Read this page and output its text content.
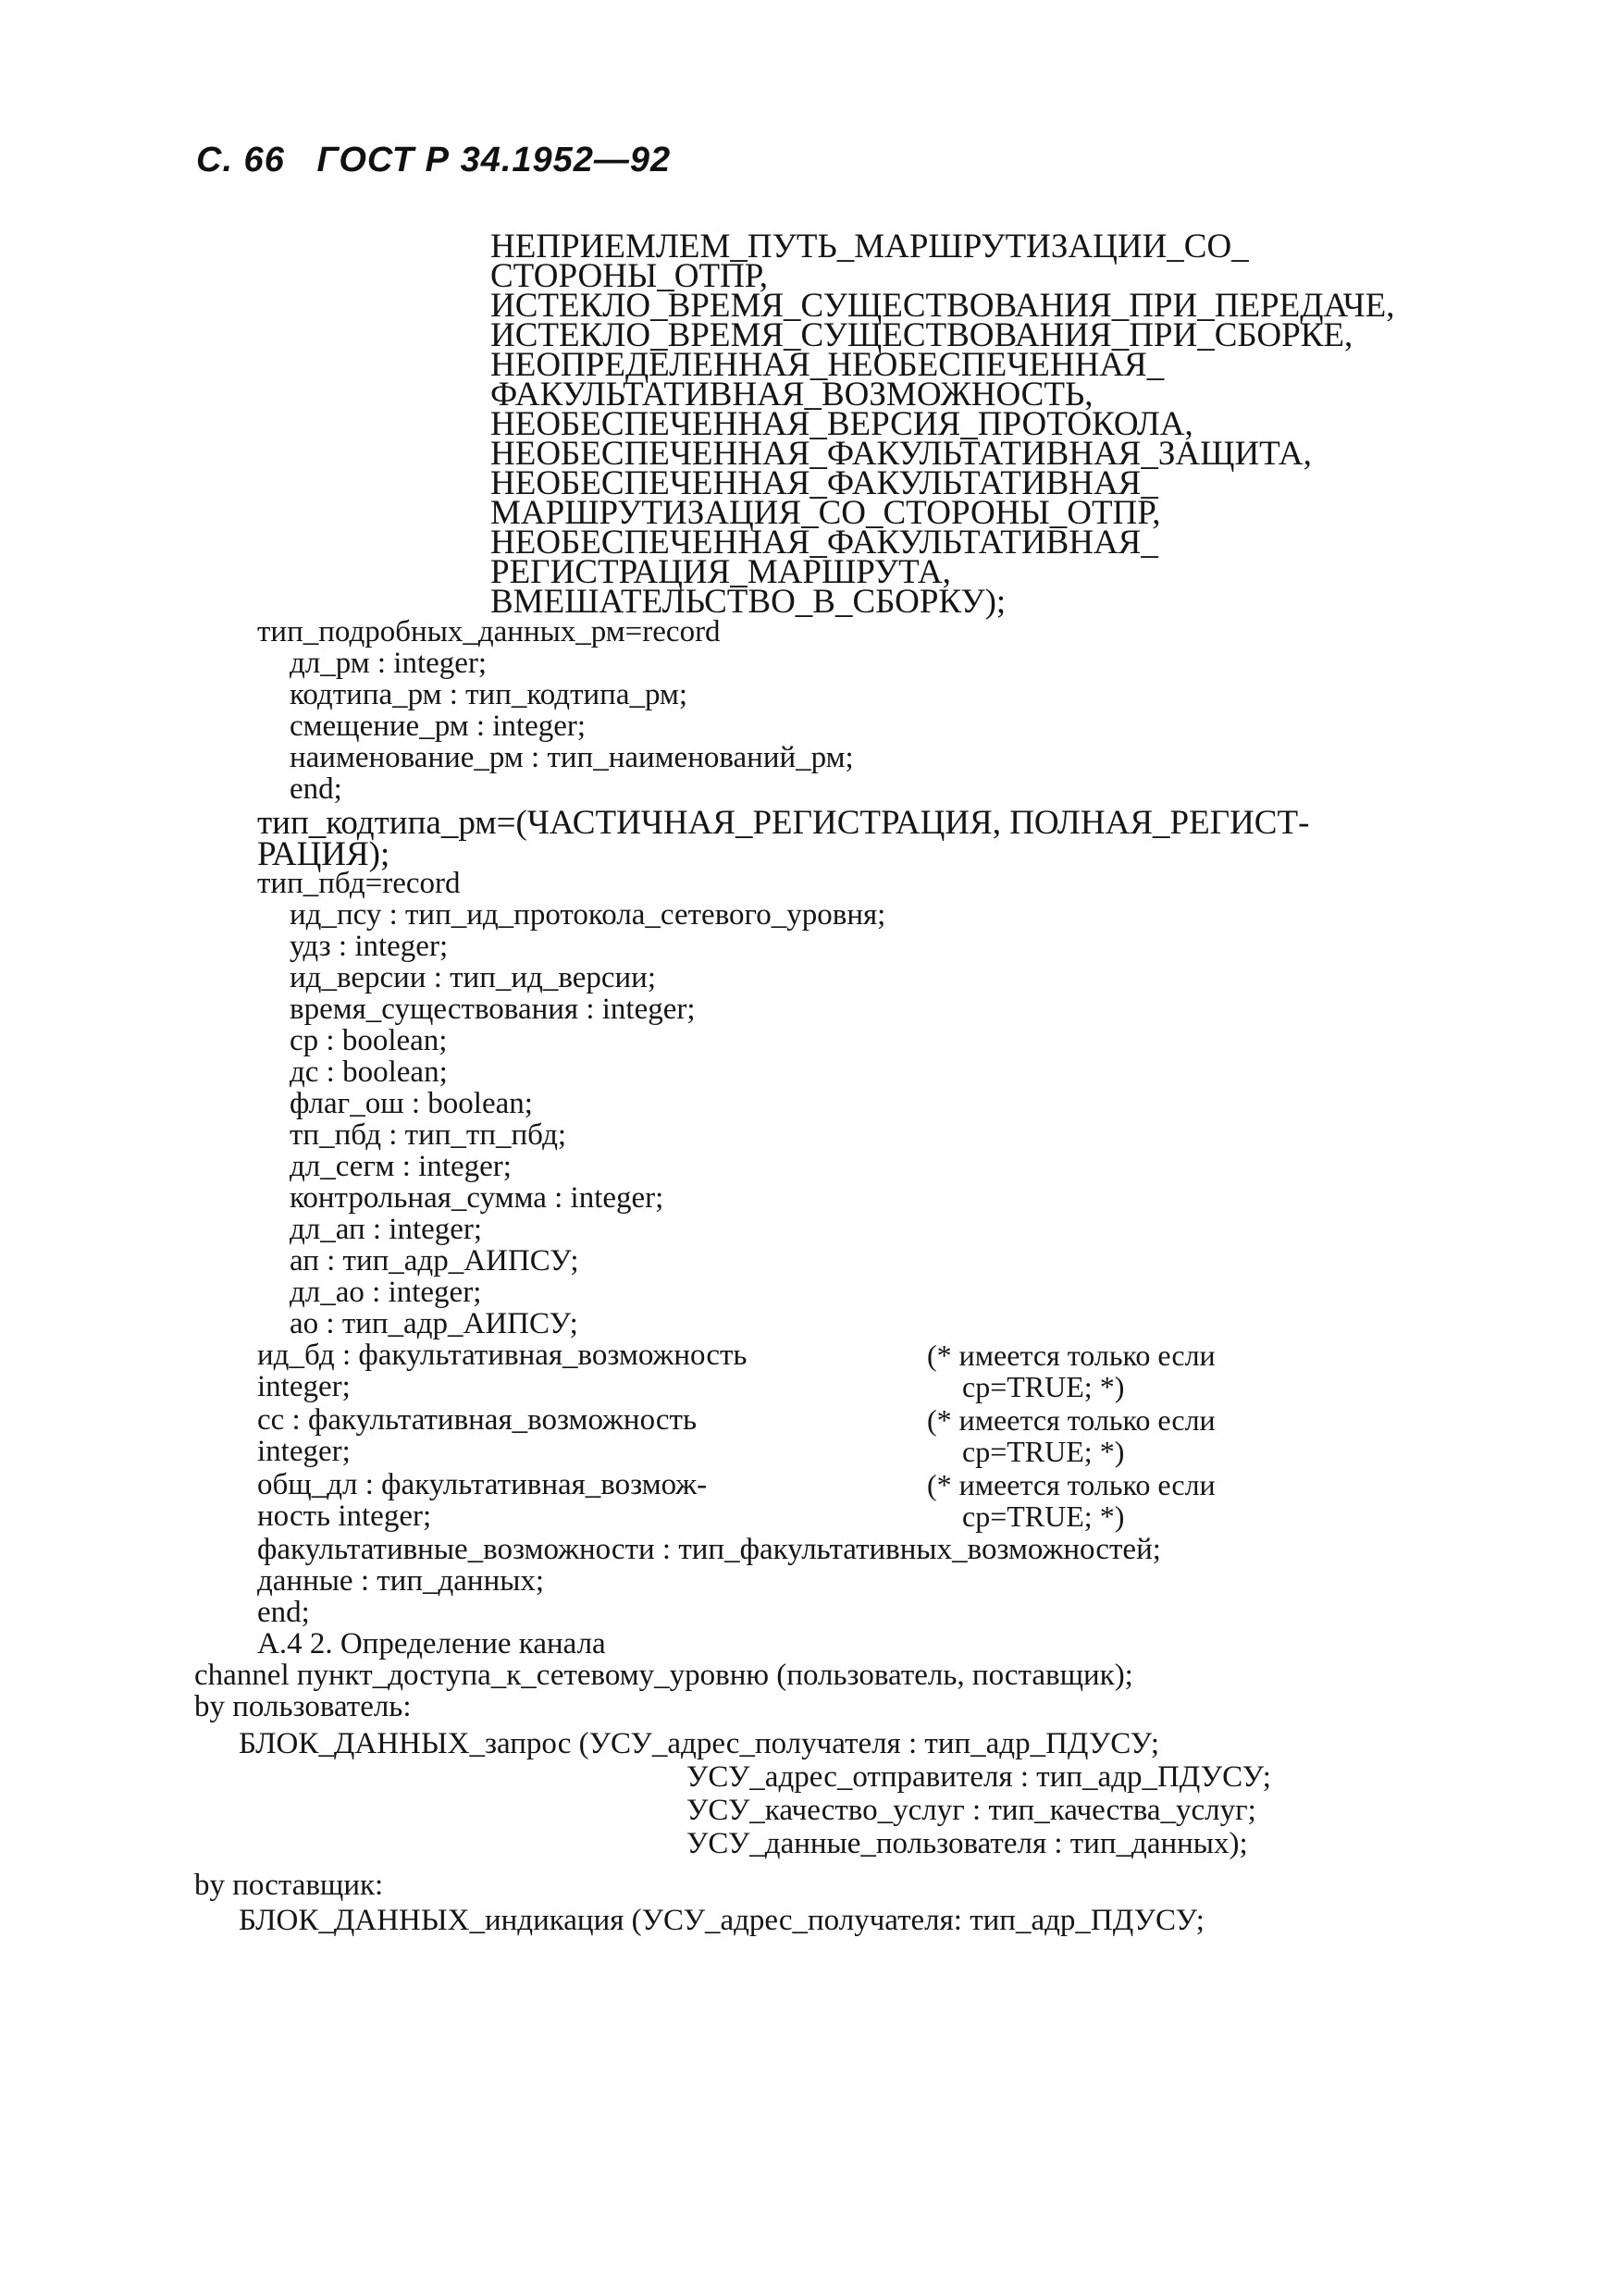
С. 66 ГОСТ Р 34.1952—92
НЕПРИЕМЛЕМ_ПУТЬ_МАРШРУТИЗАЦИИ_СО_
СТОРОНЫ_ОТПР,
ИСТЕКЛО_ВРЕМЯ_СУЩЕСТВОВАНИЯ_ПРИ_ПЕРЕДАЧЕ,
ИСТЕКЛО_ВРЕМЯ_СУЩЕСТВОВАНИЯ_ПРИ_СБОРКЕ,
НЕОПРЕДЕЛЕННАЯ_НЕОБЕСПЕЧЕННАЯ_
ФАКУЛЬТАТИВНАЯ_ВОЗМОЖНОСТЬ,
НЕОБЕСПЕЧЕННАЯ_ВЕРСИЯ_ПРОТОКОЛА,
НЕОБЕСПЕЧЕННАЯ_ФАКУЛЬТАТИВНАЯ_ЗАЩИТА,
НЕОБЕСПЕЧЕННАЯ_ФАКУЛЬТАТИВНАЯ_
МАРШРУТИЗАЦИЯ_СО_СТОРОНЫ_ОТПР,
НЕОБЕСПЕЧЕННАЯ_ФАКУЛЬТАТИВНАЯ_
РЕГИСТРАЦИЯ_МАРШРУТА,
ВМЕШАТЕЛЬСТВО_В_СБОРКУ);
тип_подробных_данных_рм=record
дл_рм : integer;
кодтипа_рм : тип_кодтипа_рм;
смещение_рм : integer;
наименование_рм : тип_наименований_рм;
end;
тип_кодтипа_рм=(ЧАСТИЧНАЯ_РЕГИСТРАЦИЯ, ПОЛНАЯ_РЕГИСТ-
РАЦИЯ);
тип_пбд=record
ид_псу : тип_ид_протокола_сетевого_уровня;
удз : integer;
ид_версии : тип_ид_версии;
время_существования : integer;
ср : boolean;
дс : boolean;
флаг_ош : boolean;
тп_пбд : тип_тп_пбд;
дл_сегм : integer;
контрольная_сумма : integer;
дл_ап : integer;
ап : тип_адр_АИПСУ;
дл_ао : integer;
ао : тип_адр_АИПСУ;
ид_бд : факультативная_возможность	(* имеется только если
integer;	ср=TRUE; *)
сс : факультативная_возможность	(* имеется только если
integer;	ср=TRUE; *)
общ_дл : факультативная_возмож-	(* имеется только если
ность integer;	ср=TRUE; *)
факультативные_возможности : тип_факультативных_возможностей;
данные : тип_данных;
end;
А.4 2. Определение канала
channel пункт_доступа_к_сетевому_уровню (пользователь, поставщик);
by пользователь:
БЛОК_ДАННЫХ_запрос (УСУ_адрес_получателя : тип_адр_ПДУСУ;
УСУ_адрес_отправителя : тип_адр_ПДУСУ;
УСУ_качество_услуг : тип_качества_услуг;
УСУ_данные_пользователя : тип_данных);
by поставщик:
БЛОК_ДАННЫХ_индикация (УСУ_адрес_получателя: тип_адр_ПДУСУ;
